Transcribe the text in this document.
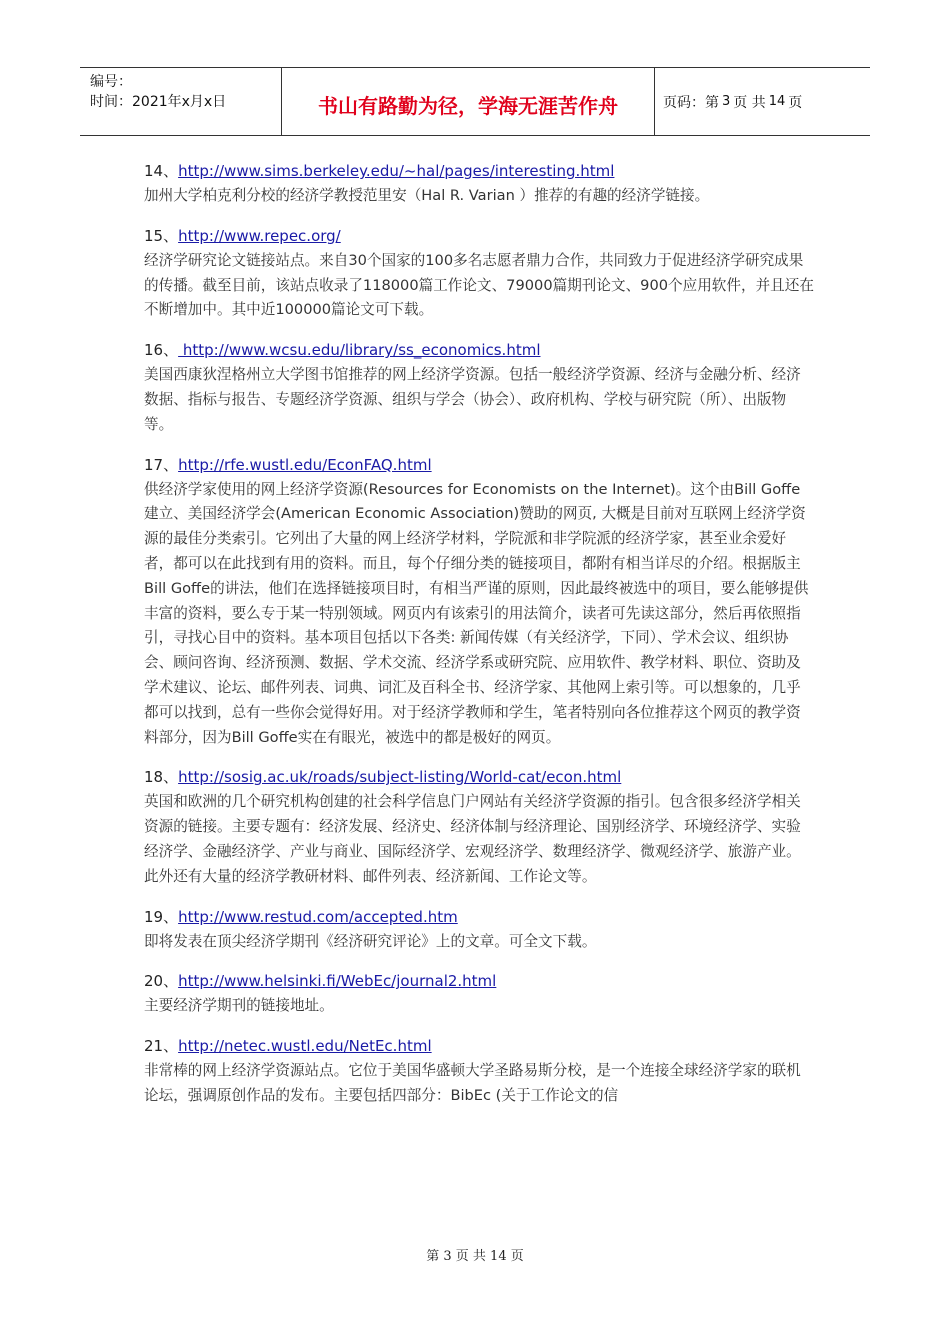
编号：
时间：2021年x月x日	书山有路勤为径，学海无涯苦作舟	页码：第 3 页 共 14 页
14、http://www.sims.berkeley.edu/~hal/pages/interesting.html
加州大学柏克利分校的经济学教授范里安（Hal R. Varian ）推荐的有趣的经济学链接。
15、http://www.repec.org/
经济学研究论文链接站点。来自30个国家的100多名志愿者鼎力合作，共同致力于促进经济学研究成果的传播。截至目前，该站点收录了118000篇工作论文、79000篇期刊论文、900个应用软件，并且还在不断增加中。其中近100000篇论文可下载。
16、 http://www.wcsu.edu/library/ss_economics.html
美国西康狄涅格州立大学图书馆推荐的网上经济学资源。包括一般经济学资源、经济与金融分析、经济数据、指标与报告、专题经济学资源、组织与学会（协会）、政府机构、学校与研究院（所）、出版物等。
17、http://rfe.wustl.edu/EconFAQ.html
供经济学家使用的网上经济学资源(Resources for Economists on the Internet)。这个由Bill Goffe建立、美国经济学会(American Economic Association)赞助的网页, 大概是目前对互联网上经济学资源的最佳分类索引。它列出了大量的网上经济学材料，学院派和非学院派的经济学家，甚至业余爱好者，都可以在此找到有用的资料。而且，每个仔细分类的链接项目，都附有相当详尽的介绍。根据版主Bill Goffe的讲法，他们在选择链接项目时，有相当严谨的原则，因此最终被选中的项目，要么能够提供丰富的资料，要么专于某一特别领域。网页内有该索引的用法简介，读者可先读这部分，然后再依照指引，寻找心目中的资料。基本项目包括以下各类: 新闻传媒（有关经济学，下同）、学术会议、组织协会、顾问咨询、经济预测、数据、学术交流、经济学系或研究院、应用软件、教学材料、职位、资助及学术建议、论坛、邮件列表、词典、词汇及百科全书、经济学家、其他网上索引等。可以想象的，几乎都可以找到，总有一些你会觉得好用。对于经济学教师和学生，笔者特别向各位推荐这个网页的教学资料部分，因为Bill Goffe实在有眼光，被选中的都是极好的网页。
18、http://sosig.ac.uk/roads/subject-listing/World-cat/econ.html
英国和欧洲的几个研究机构创建的社会科学信息门户网站有关经济学资源的指引。包含很多经济学相关资源的链接。主要专题有：经济发展、经济史、经济体制与经济理论、国别经济学、环境经济学、实验经济学、金融经济学、产业与商业、国际经济学、宏观经济学、数理经济学、微观经济学、旅游产业。此外还有大量的经济学教研材料、邮件列表、经济新闻、工作论文等。
19、http://www.restud.com/accepted.htm
即将发表在顶尖经济学期刊《经济研究评论》上的文章。可全文下载。
20、http://www.helsinki.fi/WebEc/journal2.html
主要经济学期刊的链接地址。
21、http://netec.wustl.edu/NetEc.html
非常棒的网上经济学资源站点。它位于美国华盛顿大学圣路易斯分校，是一个连接全球经济学家的联机论坛，强调原创作品的发布。主要包括四部分：BibEc (关于工作论文的信
第 3 页 共 14 页
